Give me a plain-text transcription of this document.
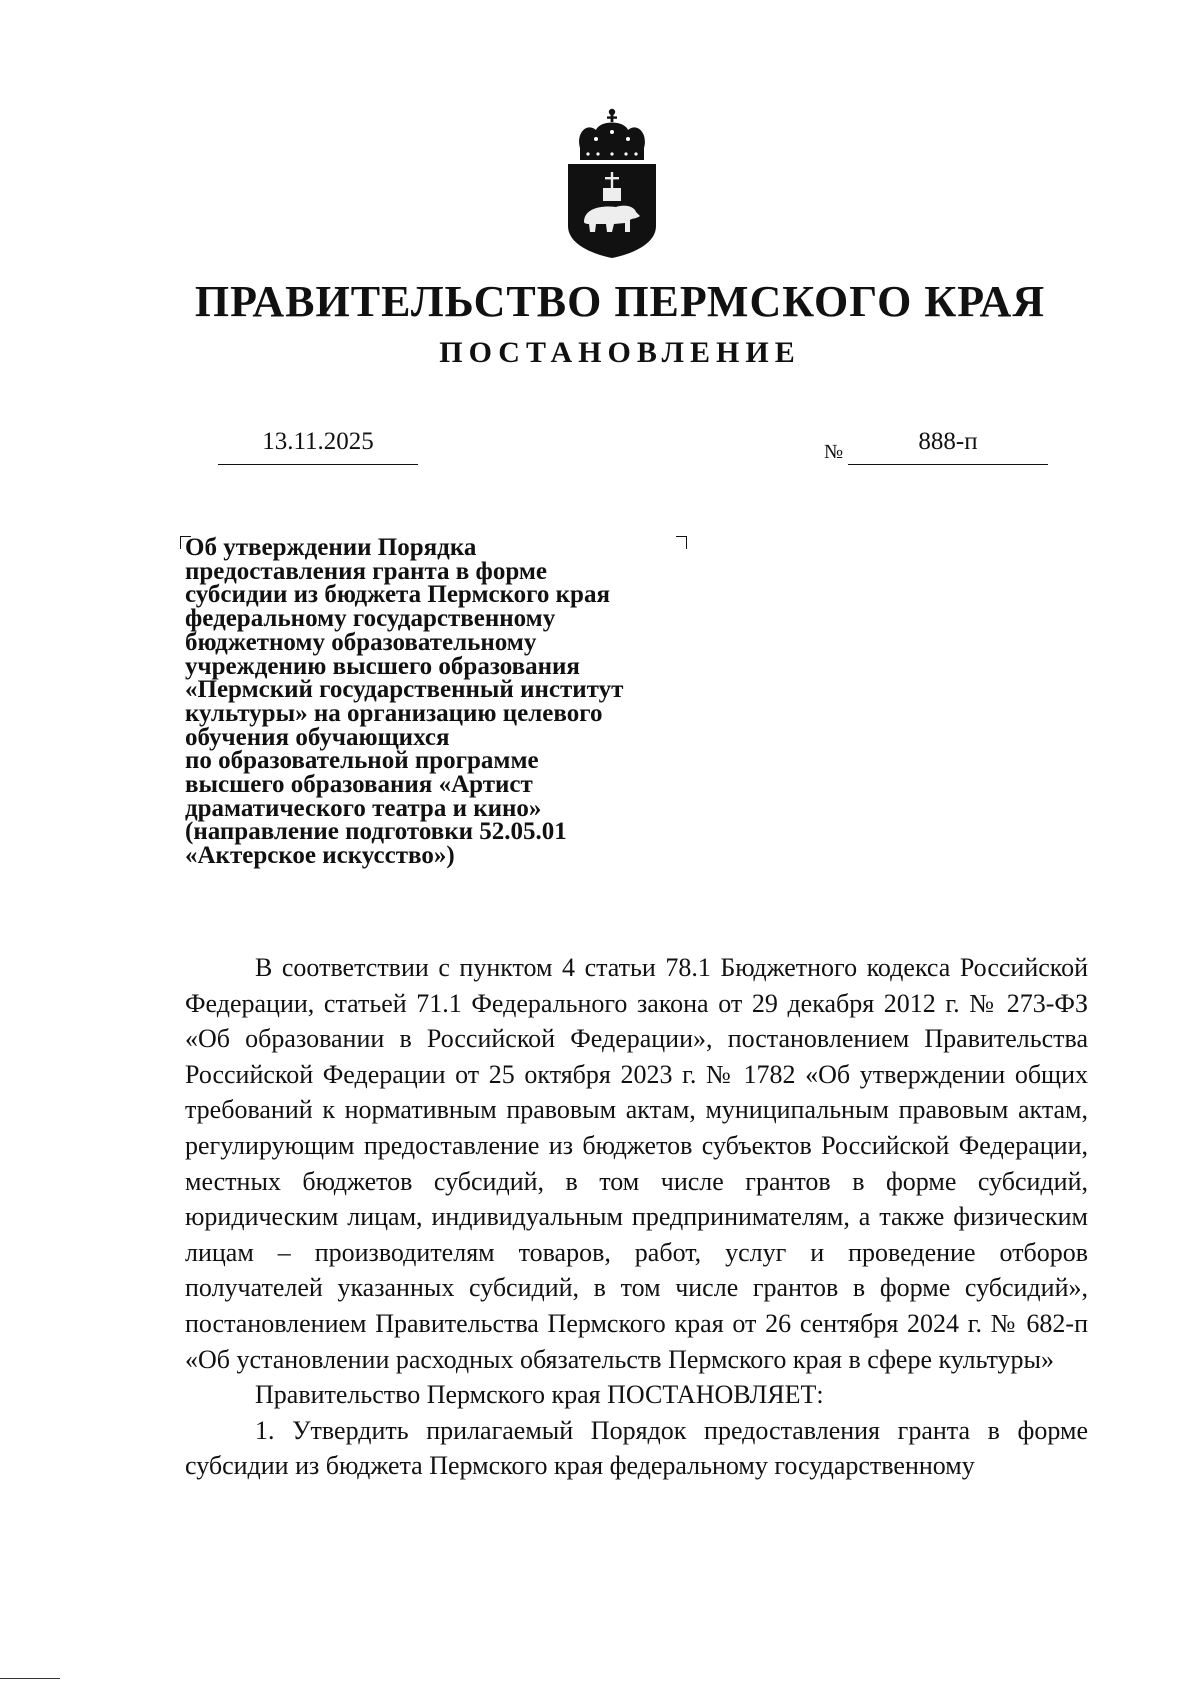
ПРАВИТЕЛЬСТВО ПЕРМСКОГО КРАЯ
ПОСТАНОВЛЕНИЕ
13.11.2025	№	888-п
Об утверждении Порядка
предоставления гранта в форме
субсидии из бюджета Пермского края
федеральному государственному
бюджетному образовательному
учреждению высшего образования
«Пермский государственный институт
культуры» на организацию целевого
обучения обучающихся
по образовательной программе
высшего образования «Артист
драматического театра и кино»
(направление подготовки 52.05.01
«Актерское искусство»)

В соответствии с пунктом 4 статьи 78.1 Бюджетного кодекса Российской Федерации, статьей 71.1 Федерального закона от 29 декабря 2012 г. № 273-ФЗ «Об образовании в Российской Федерации», постановлением Правительства Российской Федерации от 25 октября 2023 г. № 1782 «Об утверждении общих требований к нормативным правовым актам, муниципальным правовым актам, регулирующим предоставление из бюджетов субъектов Российской Федерации, местных бюджетов субсидий, в том числе грантов в форме субсидий, юридическим лицам, индивидуальным предпринимателям, а также физическим лицам – производителям товаров, работ, услуг и проведение отборов получателей указанных субсидий, в том числе грантов в форме субсидий», постановлением Правительства Пермского края от 26 сентября 2024 г. № 682-п «Об установлении расходных обязательств Пермского края в сфере культуры»

Правительство Пермского края ПОСТАНОВЛЯЕТ:

1. Утвердить прилагаемый Порядок предоставления гранта в форме субсидии из бюджета Пермского края федеральному государственному
